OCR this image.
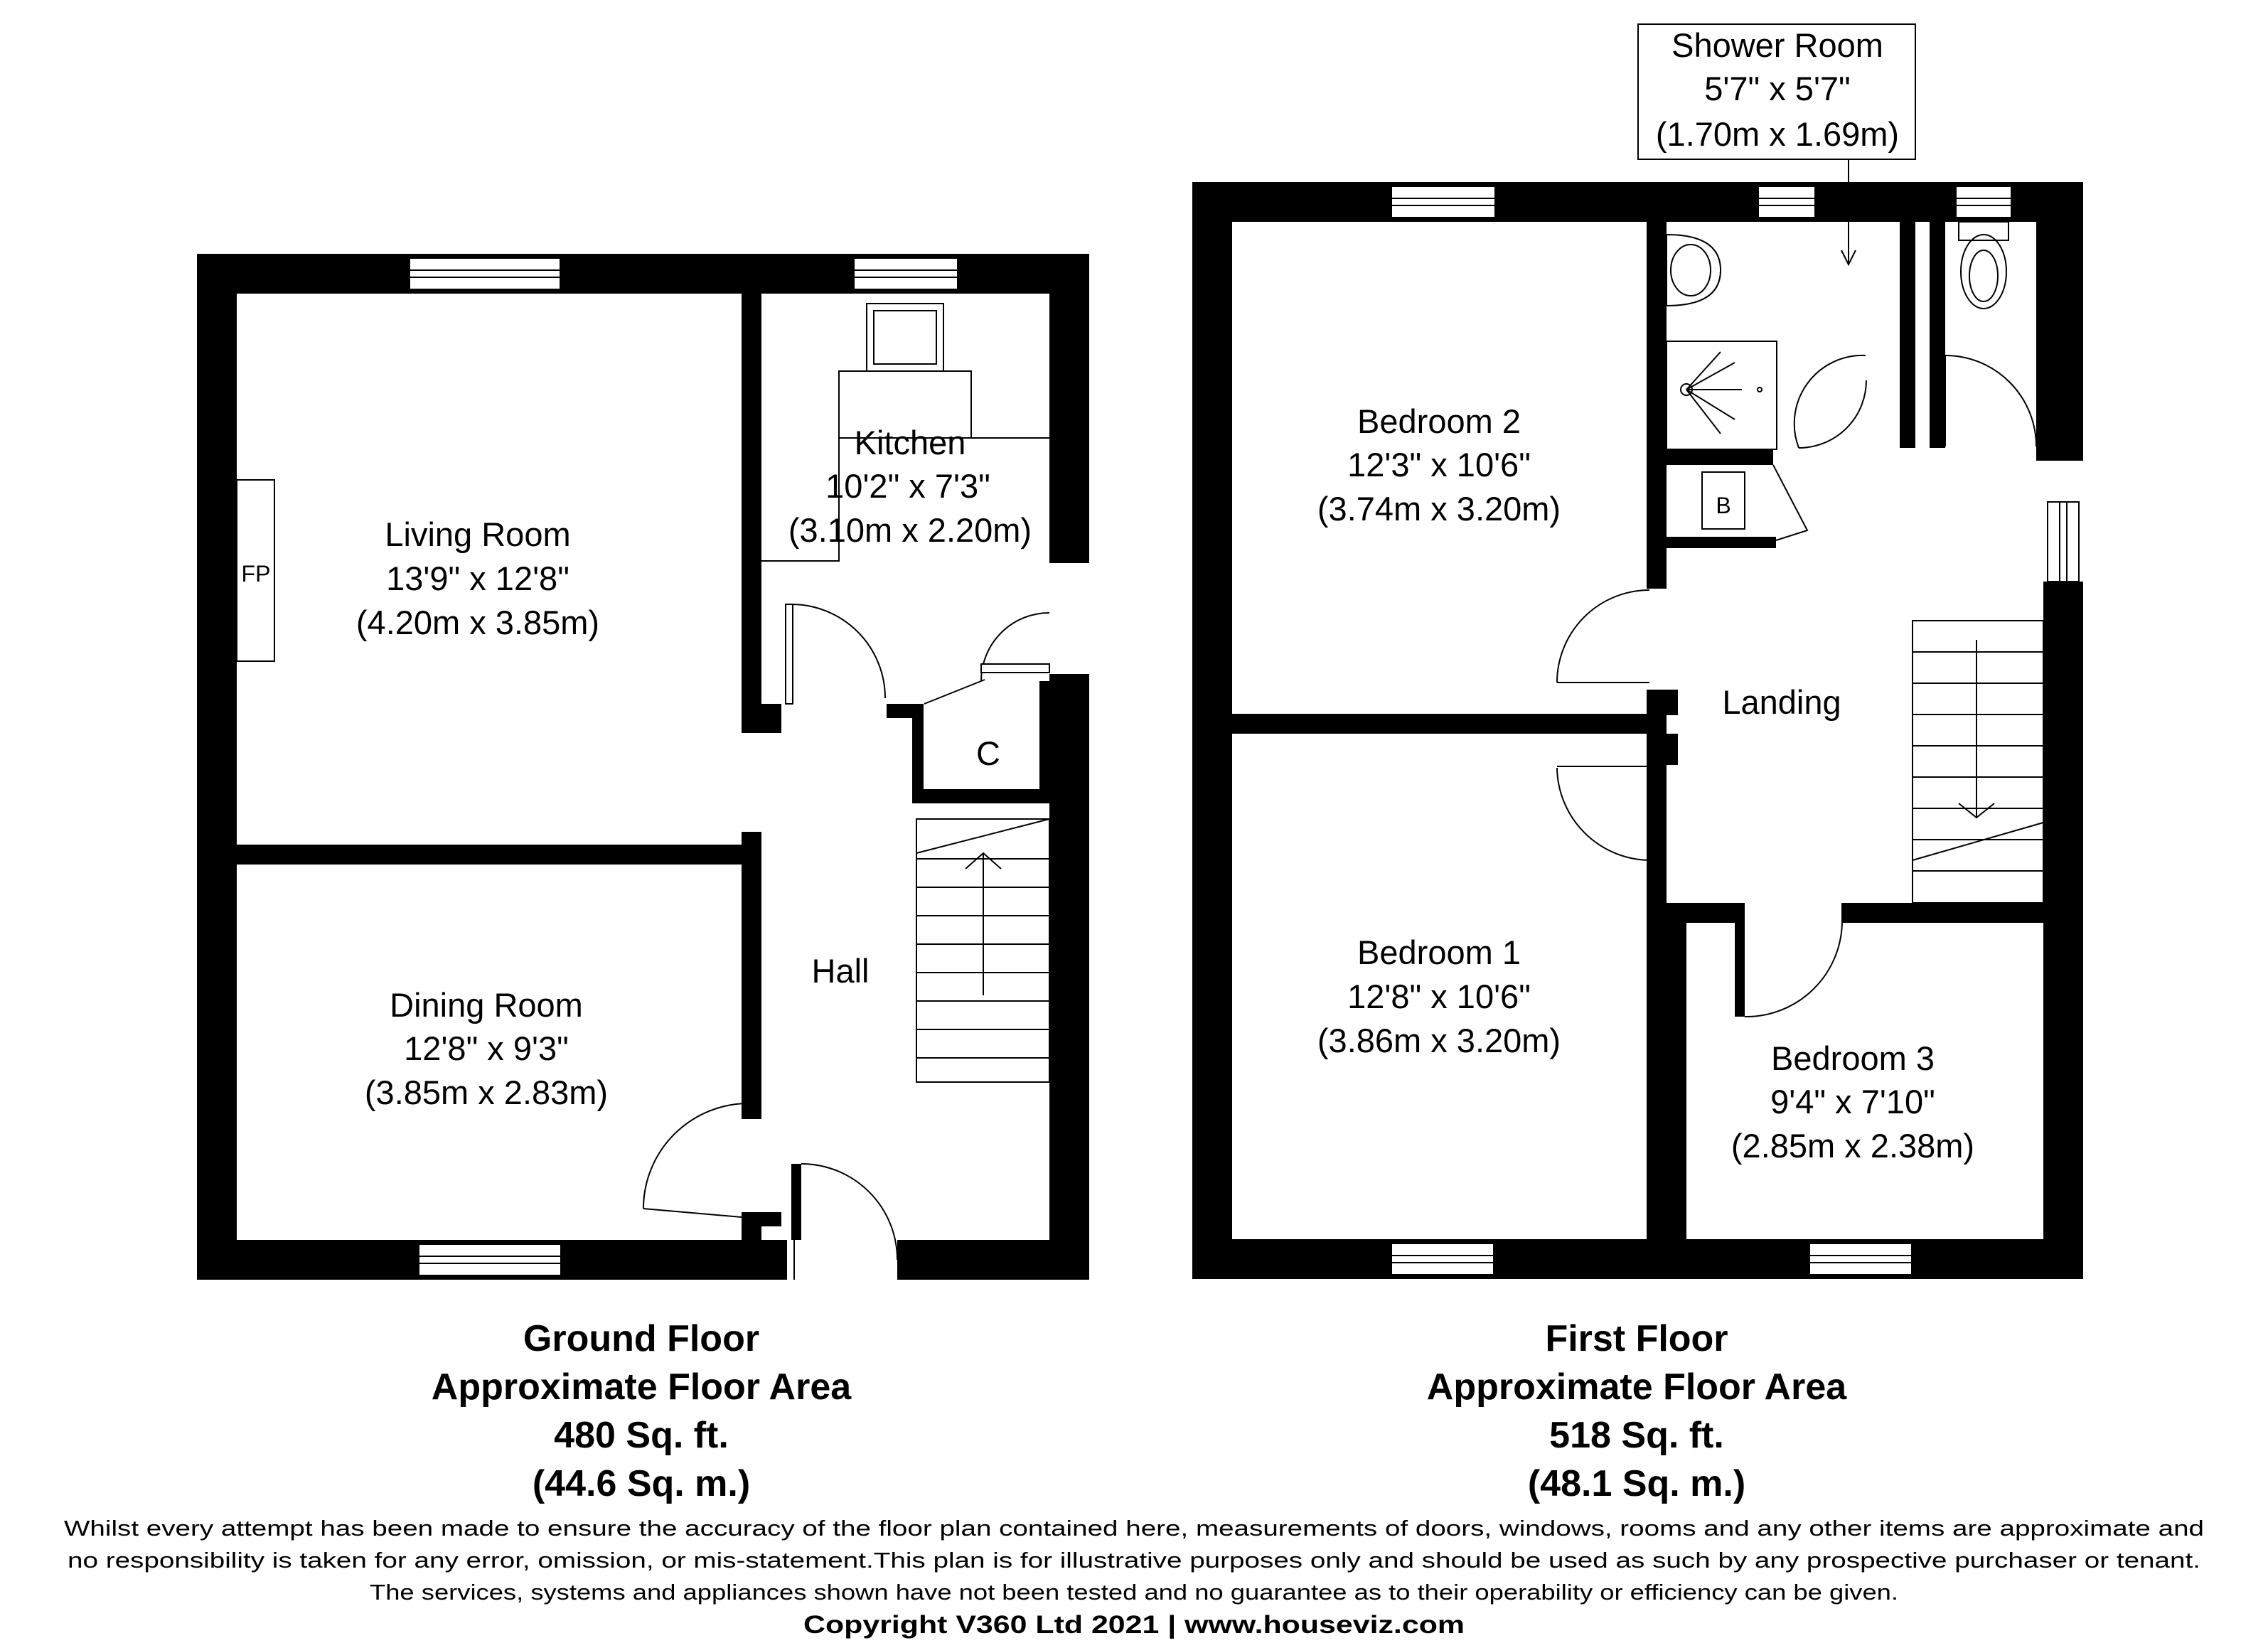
Living Room
13'9" x 12'8"
(4.20m x 3.85m)
Kitchen
10'2" x 7'3"
(3.10m x 2.20m)
Dining Room
12'8" x 9'3"
(3.85m x 2.83m)
Hall
C
FP
Shower Room
5'7" x 5'7"
(1.70m x 1.69m)
Bedroom 2
12'3" x 10'6"
(3.74m x 3.20m)
Bedroom 1
12'8" x 10'6"
(3.86m x 3.20m)	Bedroom 3
9'4" x 7'10"
(2.85m x 2.38m)
Landing
B
Ground Floor
Approximate Floor Area
480 Sq. ft.
(44.6 Sq. m.)
First Floor
Approximate Floor Area
518 Sq. ft.
(48.1 Sq. m.)
Whilst every attempt has been made to ensure the accuracy of the floor plan contained here, measurements of doors, windows, rooms and any other items are approximate and
no responsibility is taken for any error, omission, or mis-statement.This plan is for illustrative purposes only and should be used as such by any prospective purchaser or tenant.
The services, systems and appliances shown have not been tested and no guarantee as to their operability or efficiency can be given.
Copyright V360 Ltd 2021 | www.houseviz.com
